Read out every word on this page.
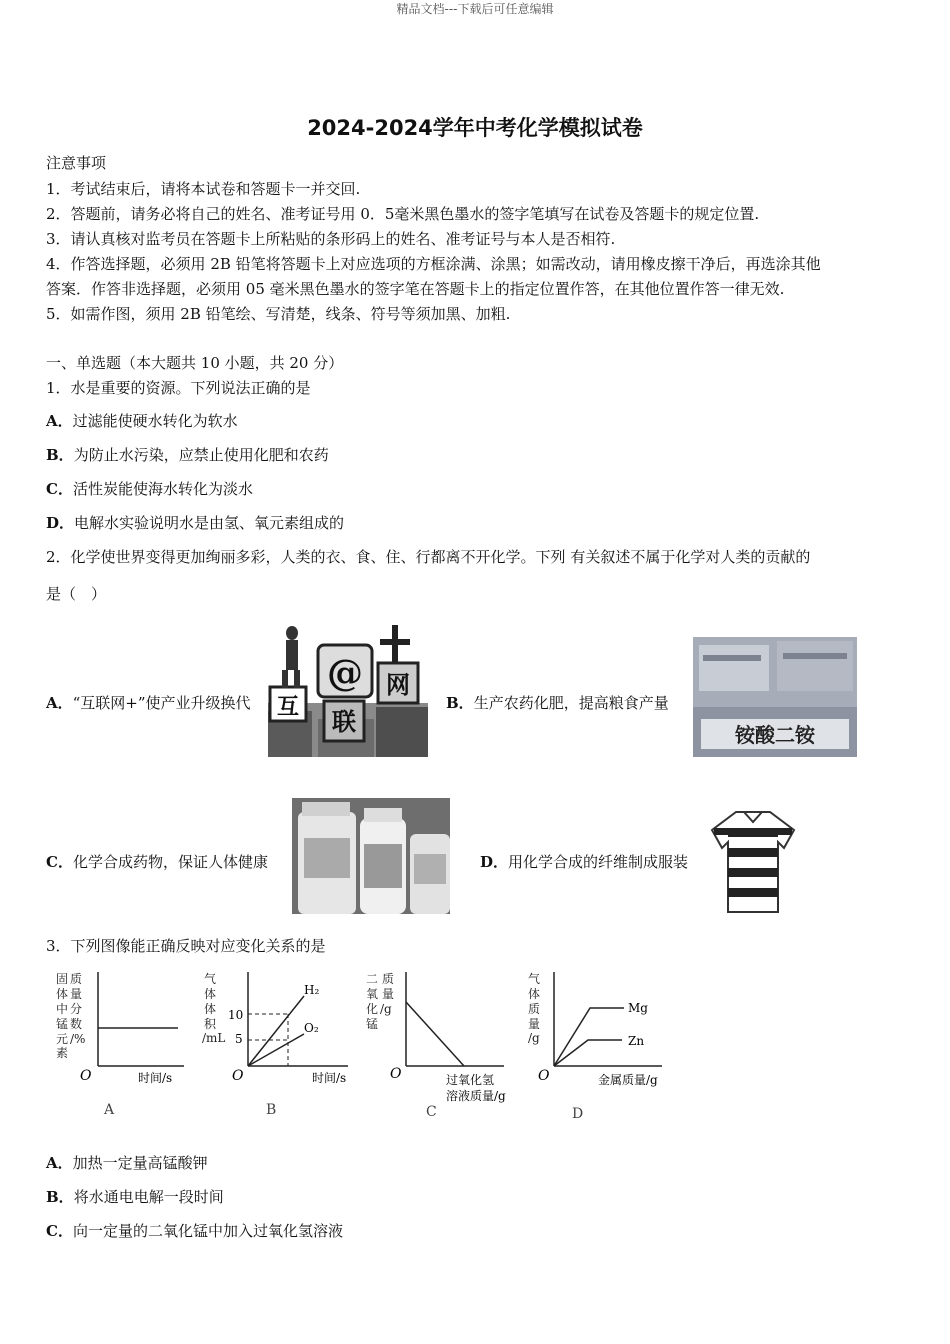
精品文档---下载后可任意编辑
2024-2024学年中考化学模拟试卷
注意事项
1．考试结束后，请将本试卷和答题卡一并交回.
2．答题前，请务必将自己的姓名、准考证号用 0．5毫米黑色墨水的签字笔填写在试卷及答题卡的规定位置.
3．请认真核对监考员在答题卡上所粘贴的条形码上的姓名、准考证号与本人是否相符.
4．作答选择题，必须用 2B 铅笔将答题卡上对应选项的方框涂满、涂黑；如需改动，请用橡皮擦干净后，再选涂其他
答案．作答非选择题，必须用 05 毫米黑色墨水的签字笔在答题卡上的指定位置作答，在其他位置作答一律无效.
5．如需作图，须用 2B 铅笔绘、写清楚，线条、符号等须加黑、加粗.
一、单选题（本大题共 10 小题，共 20 分）
1．水是重要的资源。下列说法正确的是
A．过滤能使硬水转化为软水
B．为防止水污染，应禁止使用化肥和农药
C．活性炭能使海水转化为淡水
D．电解水实验说明水是由氢、氧元素组成的
2．化学使世界变得更加绚丽多彩，人类的衣、食、住、行都离不开化学。下列 有关叙述不属于化学对人类的贡献的
是（　）
A．“互联网+”使产业升级换代 互
@ 网
联
B．生产农药化肥，提高粮食产量
铵酸二铵
C．化学合成药物，保证人体健康	D．用化学合成的纤维制成服装
3．下列图像能正确反映对应变化关系的是
固
体
中
锰
元
素
质
量
分
数
/%
O	时间/s
A
气
体
体
积
/mL
10
5
H₂
O₂
O	时间/s
B
二
氧
化
锰
质
量
/g
O	过氧化氢
溶液质量/g
C
气
体
质
量
/g
Mg
Zn
O	金属质量/g
D
A．加热一定量高锰酸钾
B．将水通电电解一段时间
C．向一定量的二氧化锰中加入过氧化氢溶液
